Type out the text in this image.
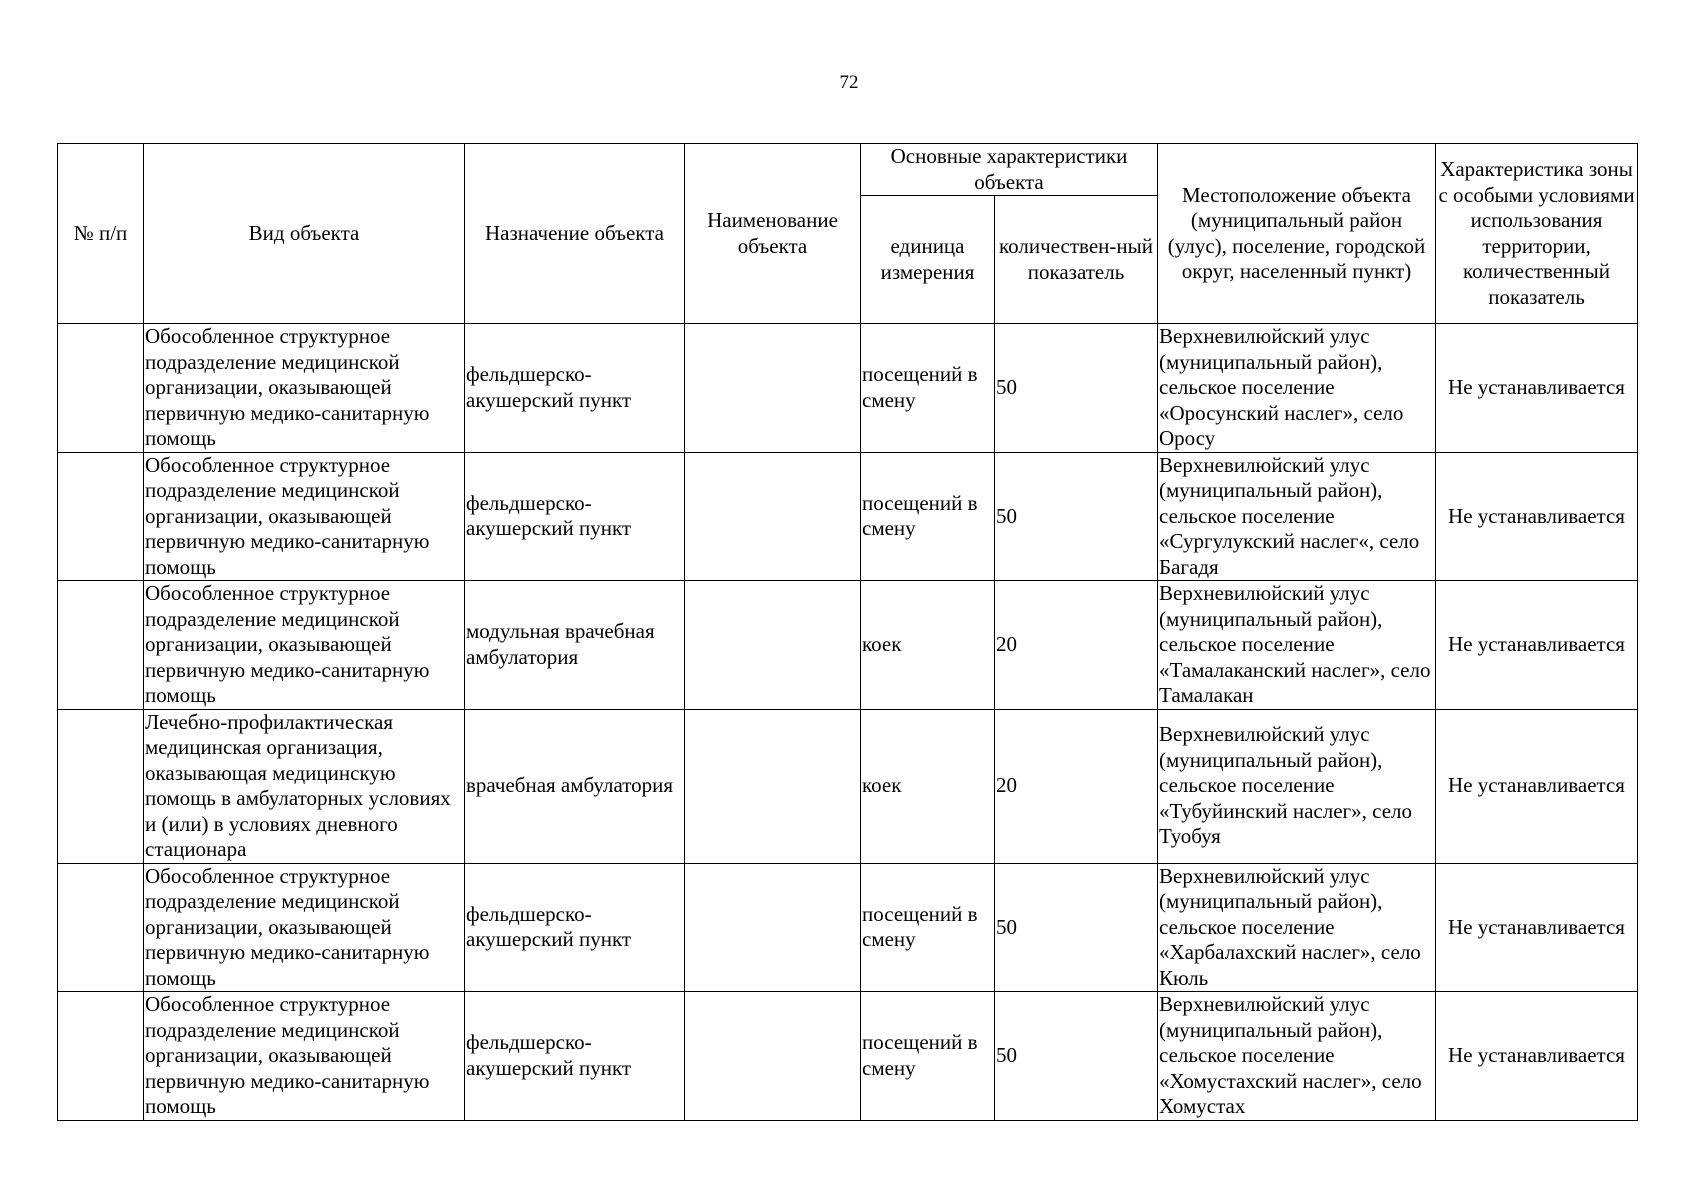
72
№ п/п	Вид объекта	Назначение объекта	Наименование объекта	Основные характеристики объекта		Местоположение объекта (муниципальный район (улус), поселение, городской округ, населенный пункт)	Характеристика зоны с особыми условиями использования территории, количественный показатель
				единица измерения	количествен-ный показатель		
	Обособленное структурное подразделение медицинской организации, оказывающей первичную медико-санитарную помощь	фельдшерско-акушерский пункт		посещений в смену	50	Верхневилюйский улус (муниципальный район), сельское поселение «Оросунский наслег», село Оросу	Не устанавливается
	Обособленное структурное подразделение медицинской организации, оказывающей первичную медико-санитарную помощь	фельдшерско-акушерский пункт		посещений в смену	50	Верхневилюйский улус (муниципальный район), сельское поселение «Сургулукский наслег«, село Багадя	Не устанавливается
	Обособленное структурное подразделение медицинской организации, оказывающей первичную медико-санитарную помощь	модульная врачебная амбулатория		коек	20	Верхневилюйский улус (муниципальный район), сельское поселение «Тамалаканский наслег», село Тамалакан	Не устанавливается
	Лечебно-профилактическая медицинская организация, оказывающая медицинскую помощь в амбулаторных условиях и (или) в условиях дневного стационара	врачебная амбулатория		коек	20	Верхневилюйский улус (муниципальный район), сельское поселение «Тубуйинский наслег», село Туобуя	Не устанавливается
	Обособленное структурное подразделение медицинской организации, оказывающей первичную медико-санитарную помощь	фельдшерско-акушерский пункт		посещений в смену	50	Верхневилюйский улус (муниципальный район), сельское поселение «Харбалахский наслег», село Кюль	Не устанавливается
	Обособленное структурное подразделение медицинской организации, оказывающей первичную медико-санитарную помощь	фельдшерско-акушерский пункт		посещений в смену	50	Верхневилюйский улус (муниципальный район), сельское поселение «Хомустахский наслег», село Хомустах	Не устанавливается
